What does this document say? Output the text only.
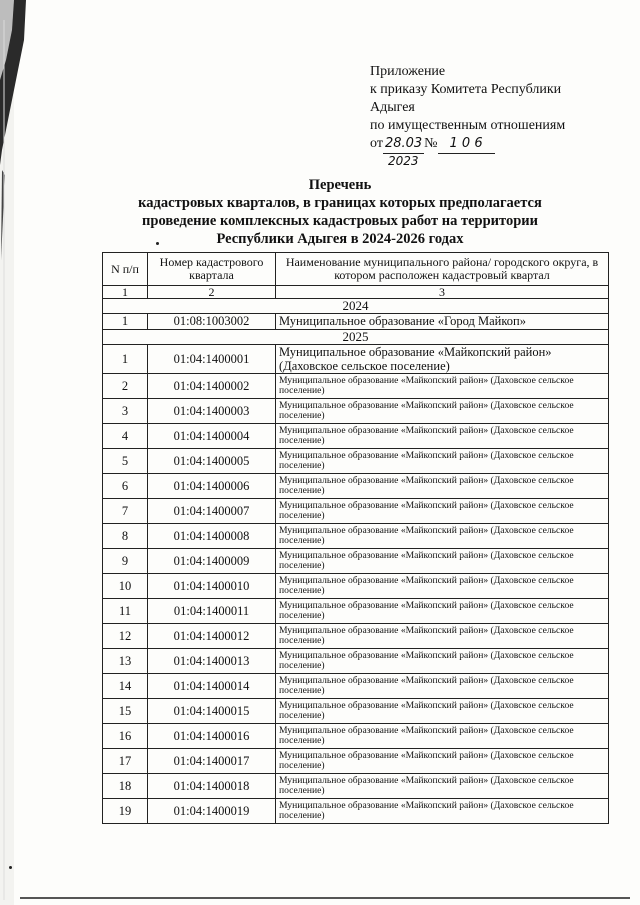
Приложение
к приказу Комитета Республики
Адыгея
по имущественным отношениям
от 28.03 № 1 0 6
2023
Перечень
кадастровых кварталов, в границах которых предполагается
проведение комплексных кадастровых работ на территории
Республики Адыгея в 2024-2026 годах
N п/п	Номер кадастрового квартала	Наименование муниципального района/ городского округа, в котором расположен кадастровый квартал
1	2	3
2024		
1	01:08:1003002	Муниципальное образование «Город Майкоп»
2025		
1	01:04:1400001	Муниципальное образование «Майкопский район» (Даховское сельское поселение)
2	01:04:1400002	Муниципальное образование «Майкопский район» (Даховское сельское поселение)
3	01:04:1400003	Муниципальное образование «Майкопский район» (Даховское сельское поселение)
4	01:04:1400004	Муниципальное образование «Майкопский район» (Даховское сельское поселение)
5	01:04:1400005	Муниципальное образование «Майкопский район» (Даховское сельское поселение)
6	01:04:1400006	Муниципальное образование «Майкопский район» (Даховское сельское поселение)
7	01:04:1400007	Муниципальное образование «Майкопский район» (Даховское сельское поселение)
8	01:04:1400008	Муниципальное образование «Майкопский район» (Даховское сельское поселение)
9	01:04:1400009	Муниципальное образование «Майкопский район» (Даховское сельское поселение)
10	01:04:1400010	Муниципальное образование «Майкопский район» (Даховское сельское поселение)
11	01:04:1400011	Муниципальное образование «Майкопский район» (Даховское сельское поселение)
12	01:04:1400012	Муниципальное образование «Майкопский район» (Даховское сельское поселение)
13	01:04:1400013	Муниципальное образование «Майкопский район» (Даховское сельское поселение)
14	01:04:1400014	Муниципальное образование «Майкопский район» (Даховское сельское поселение)
15	01:04:1400015	Муниципальное образование «Майкопский район» (Даховское сельское поселение)
16	01:04:1400016	Муниципальное образование «Майкопский район» (Даховское сельское поселение)
17	01:04:1400017	Муниципальное образование «Майкопский район» (Даховское сельское поселение)
18	01:04:1400018	Муниципальное образование «Майкопский район» (Даховское сельское поселение)
19	01:04:1400019	Муниципальное образование «Майкопский район» (Даховское сельское поселение)
